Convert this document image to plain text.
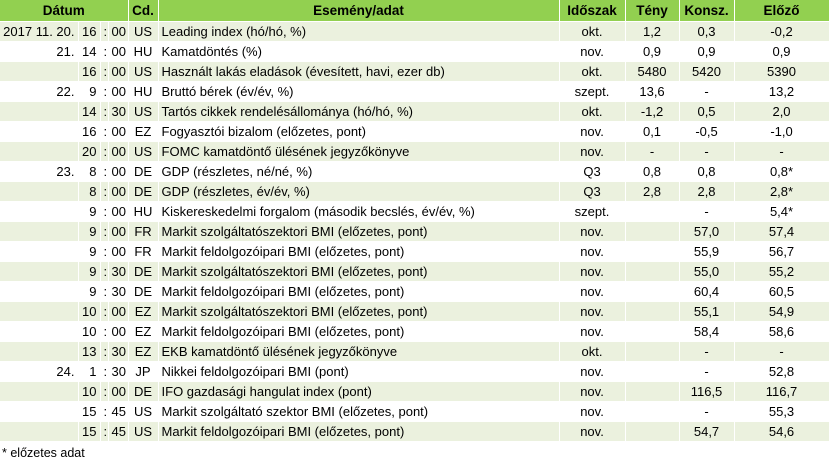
Dátum				Cd.	Esemény/adat	Időszak	Tény	Konsz.	Előző
2017 11. 20.	16	:	00	US	Leading index (hó/hó, %)	okt.	1,2	0,3	-0,2
21.	14	:	00	HU	Kamatdöntés (%)	nov.	0,9	0,9	0,9
	16	:	00	US	Használt lakás eladások (évesített, havi, ezer db)	okt.	5480	5420	5390
22.	9	:	00	HU	Bruttó bérek (év/év, %)	szept.	13,6	-	13,2
	14	:	30	US	Tartós cikkek rendelésállománya (hó/hó, %)	okt.	-1,2	0,5	2,0
	16	:	00	EZ	Fogyasztói bizalom (előzetes, pont)	nov.	0,1	-0,5	-1,0
	20	:	00	US	FOMC kamatdöntő ülésének jegyzőkönyve	nov.	-	-	-
23.	8	:	00	DE	GDP (részletes, né/né, %)	Q3	0,8	0,8	0,8*
	8	:	00	DE	GDP (részletes, év/év, %)	Q3	2,8	2,8	2,8*
	9	:	00	HU	Kiskereskedelmi forgalom (második becslés, év/év, %)	szept.		-	5,4*
	9	:	00	FR	Markit szolgáltatószektori BMI (előzetes, pont)	nov.		57,0	57,4
	9	:	00	FR	Markit feldolgozóipari BMI (előzetes, pont)	nov.		55,9	56,7
	9	:	30	DE	Markit szolgáltatószektori BMI (előzetes, pont)	nov.		55,0	55,2
	9	:	30	DE	Markit feldolgozóipari BMI (előzetes, pont)	nov.		60,4	60,5
	10	:	00	EZ	Markit szolgáltatószektori BMI (előzetes, pont)	nov.		55,1	54,9
	10	:	00	EZ	Markit feldolgozóipari BMI (előzetes, pont)	nov.		58,4	58,6
	13	:	30	EZ	EKB kamatdöntő ülésének jegyzőkönyve	okt.		-	-
24.	1	:	30	JP	Nikkei feldolgozóipari BMI (pont)	nov.		-	52,8
	10	:	00	DE	IFO gazdasági hangulat index (pont)	nov.		116,5	116,7
	15	:	45	US	Markit szolgáltató szektor BMI (előzetes, pont)	nov.		-	55,3
	15	:	45	US	Markit feldolgozóipari BMI (előzetes, pont)	nov.		54,7	54,6
* előzetes adat
